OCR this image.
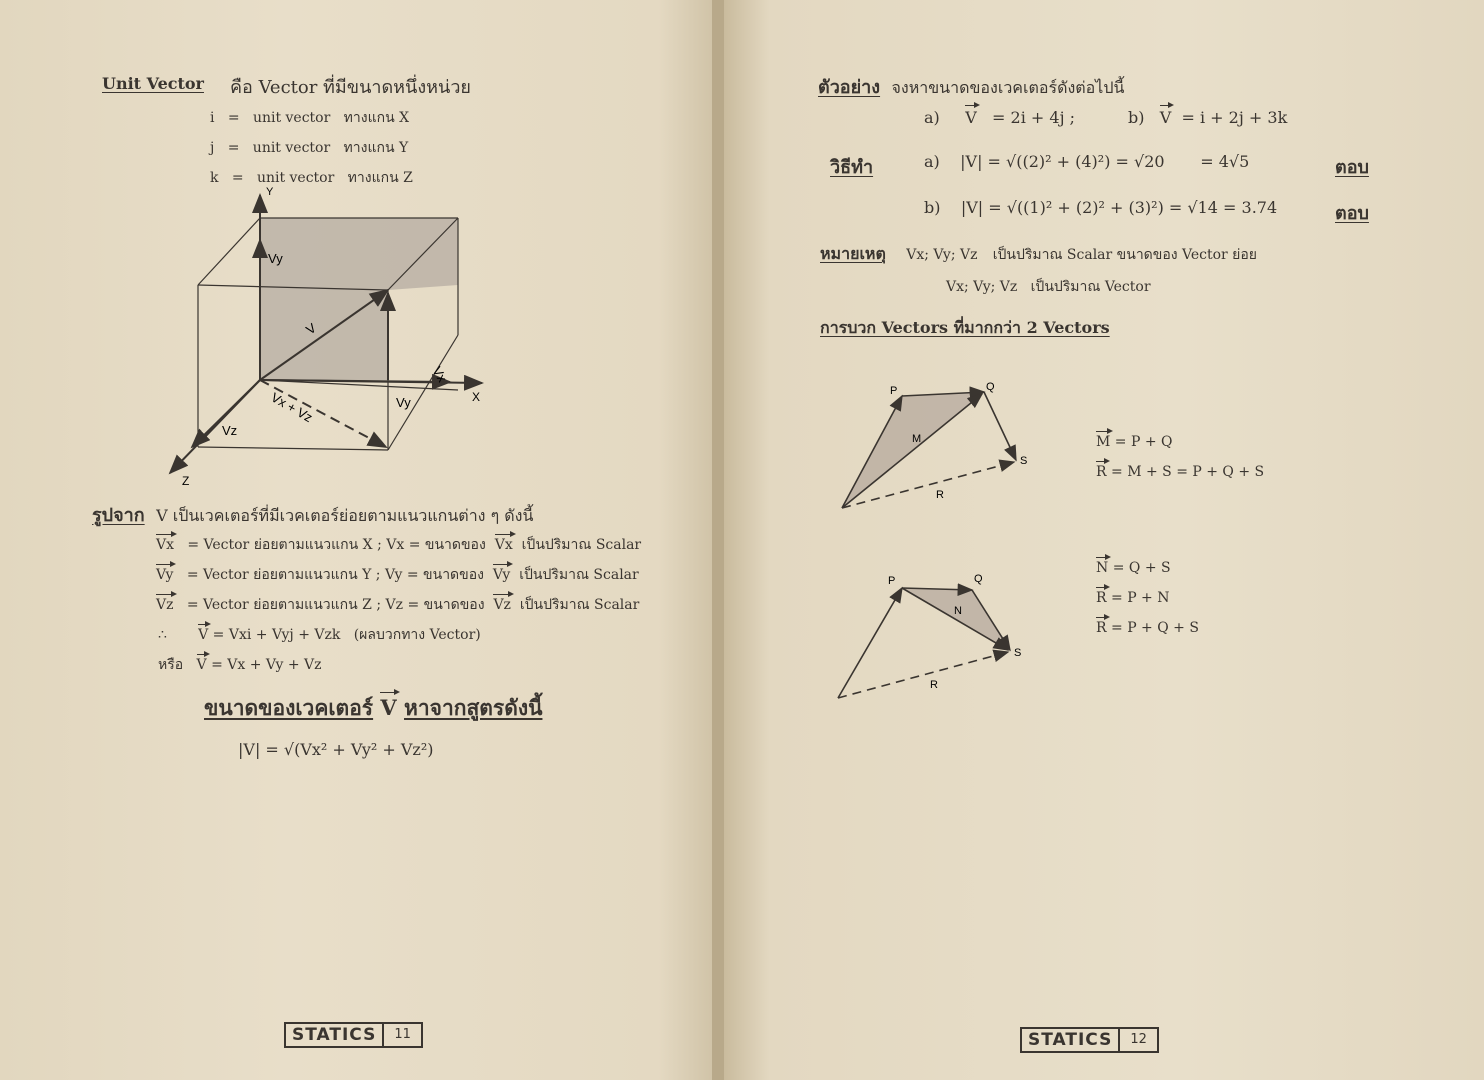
Unit Vector คือ Vector ที่มีขนาดหนึ่งหน่วย
i = unit vector ทางแกน X
j = unit vector ทางแกน Y
k = unit vector ทางแกน Z
Y
X
Z
Vy
V
Vx
Vy
Vz
Vx + Vz
รูปจาก V เป็นเวคเตอร์ที่มีเวคเตอร์ย่อยตามแนวแกนต่าง ๆ ดังนี้
Vx = Vector ย่อยตามแนวแกน X ; Vx = ขนาดของ Vx เป็นปริมาณ Scalar
Vy = Vector ย่อยตามแนวแกน Y ; Vy = ขนาดของ Vy เป็นปริมาณ Scalar
Vz = Vector ย่อยตามแนวแกน Z ; Vz = ขนาดของ Vz เป็นปริมาณ Scalar
∴ V = Vxi + Vyj + Vzk (ผลบวกทาง Vector)
หรือ V = Vx + Vy + Vz
ขนาดของเวคเตอร์ V หาจากสูตรดังนี้
|V| = √(Vx² + Vy² + Vz²)
STATICS	11
ตัวอย่าง จงหาขนาดของเวคเตอร์ดังต่อไปนี้
a) V = 2i + 4j ;	b) V = i + 2j + 3k
วิธีทำ	a) |V| = √((2)² + (4)²) = √20 = 4√5	ตอบ
b) |V| = √((1)² + (2)² + (3)²) = √14 = 3.74	ตอบ
หมายเหตุ Vx; Vy; Vz เป็นปริมาณ Scalar ขนาดของ Vector ย่อย
Vx; Vy; Vz เป็นปริมาณ Vector
การบวก Vectors ที่มากกว่า 2 Vectors
P	Q
S
M
R
M = P + Q
R = M + S = P + Q + S
P	Q
S
N
R
N = Q + S
R = P + N
R = P + Q + S
STATICS	12
